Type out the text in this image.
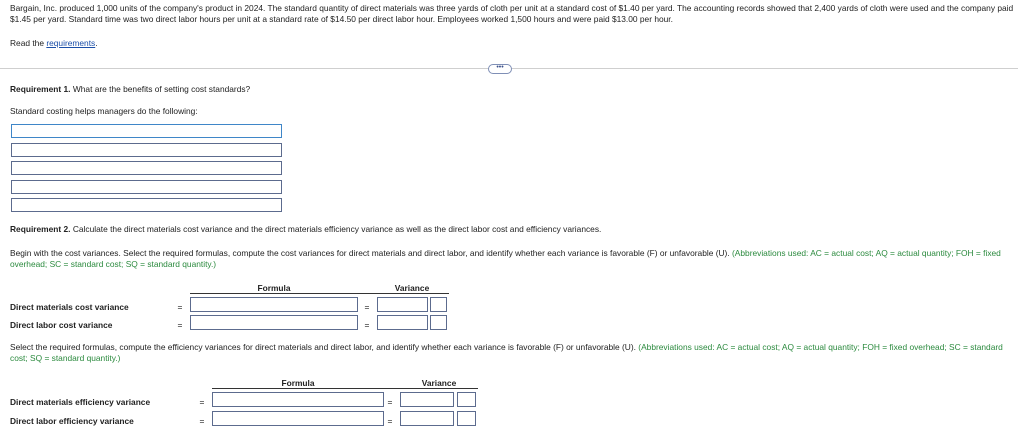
Bargain, Inc. produced 1,000 units of the company's product in 2024. The standard quantity of direct materials was three yards of cloth per unit at a standard cost of $1.40 per yard. The accounting records showed that 2,400 yards of cloth were used and the company paid $1.45 per yard. Standard time was two direct labor hours per unit at a standard rate of $14.50 per direct labor hour. Employees worked 1,500 hours and were paid $13.00 per hour.
Read the requirements.
•••
Requirement 1. What are the benefits of setting cost standards?
Standard costing helps managers do the following:
Requirement 2. Calculate the direct materials cost variance and the direct materials efficiency variance as well as the direct labor cost and efficiency variances.
Begin with the cost variances. Select the required formulas, compute the cost variances for direct materials and direct labor, and identify whether each variance is favorable (F) or unfavorable (U). (Abbreviations used: AC = actual cost; AQ = actual quantity; FOH = fixed overhead; SC = standard cost; SQ = standard quantity.)
Formula	Variance
Direct materials cost variance	=	=
Direct labor cost variance	=	=
Select the required formulas, compute the efficiency variances for direct materials and direct labor, and identify whether each variance is favorable (F) or unfavorable (U). (Abbreviations used: AC = actual cost; AQ = actual quantity; FOH = fixed overhead; SC = standard cost; SQ = standard quantity.)
Formula	Variance
Direct materials efficiency variance	=	=
Direct labor efficiency variance	=	=
